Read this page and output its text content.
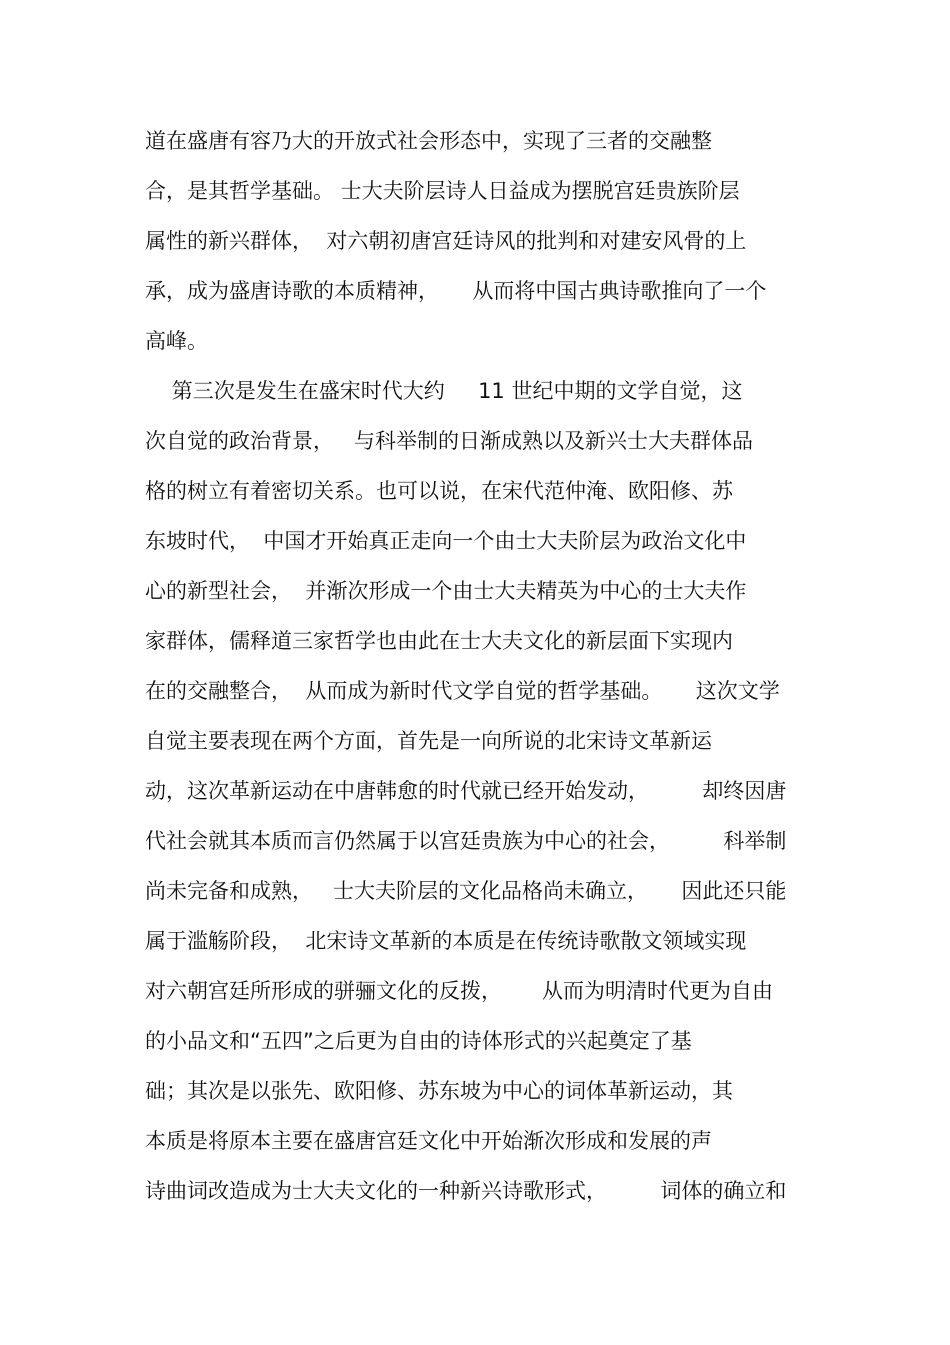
道在盛唐有容乃大的开放式社会形态中，实现了三者的交融整
合，是其哲学基础。 士大夫阶层诗人日益成为摆脱宫廷贵族阶层
属性的新兴群体，  对六朝初唐宫廷诗风的批判和对建安风骨的上
承，成为盛唐诗歌的本质精神，     从而将中国古典诗歌推向了一个
高峰。
第三次是发生在盛宋时代大约     11 世纪中期的文学自觉，这
次自觉的政治背景，   与科举制的日渐成熟以及新兴士大夫群体品
格的树立有着密切关系。也可以说，在宋代范仲淹、欧阳修、苏
东坡时代，  中国才开始真正走向一个由士大夫阶层为政治文化中
心的新型社会，  并渐次形成一个由士大夫精英为中心的士大夫作
家群体，儒释道三家哲学也由此在士大夫文化的新层面下实现内
在的交融整合，  从而成为新时代文学自觉的哲学基础。     这次文学
自觉主要表现在两个方面，首先是一向所说的北宋诗文革新运
动，这次革新运动在中唐韩愈的时代就已经开始发动，        却终因唐
代社会就其本质而言仍然属于以宫廷贵族为中心的社会，        科举制
尚未完备和成熟，   士大夫阶层的文化品格尚未确立，     因此还只能
属于滥觞阶段，  北宋诗文革新的本质是在传统诗歌散文领域实现
对六朝宫廷所形成的骈骊文化的反拨，      从而为明清时代更为自由
的小品文和“五四”之后更为自由的诗体形式的兴起奠定了基
础；其次是以张先、欧阳修、苏东坡为中心的词体革新运动，其
本质是将原本主要在盛唐宫廷文化中开始渐次形成和发展的声
诗曲词改造成为士大夫文化的一种新兴诗歌形式，        词体的确立和
